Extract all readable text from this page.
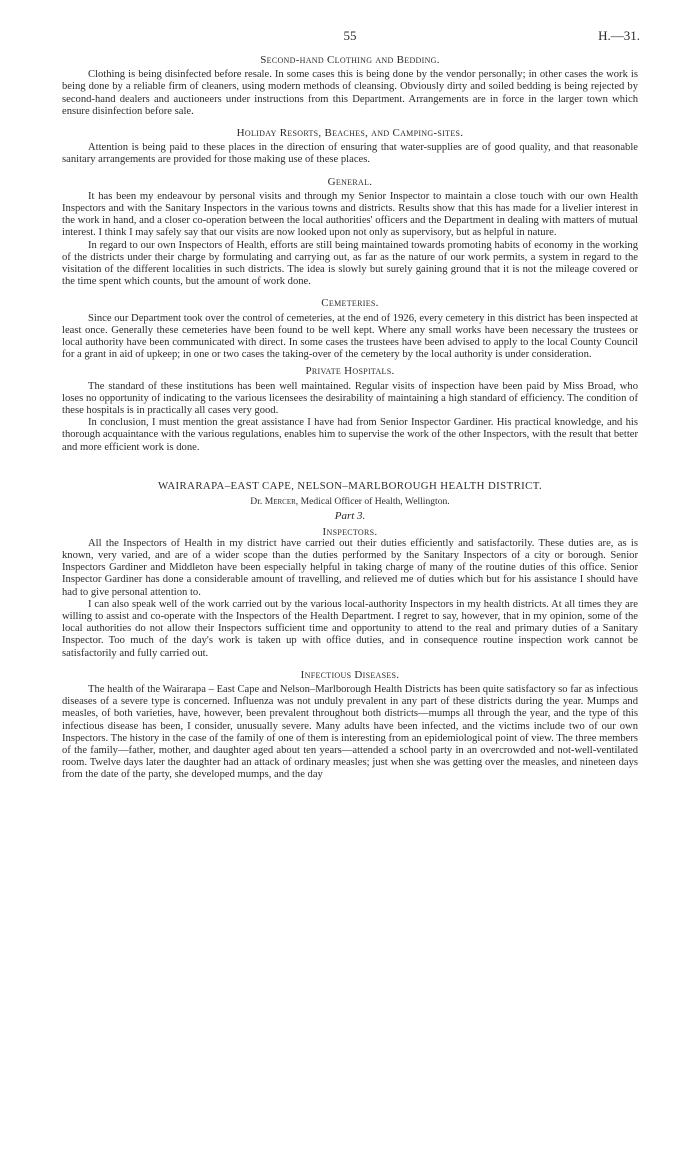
55	H.—31.
Second-hand Clothing and Bedding.

Clothing is being disinfected before resale. In some cases this is being done by the vendor personally; in other cases the work is being done by a reliable firm of cleaners, using modern methods of cleansing. Obviously dirty and soiled bedding is being rejected by second-hand dealers and auctioneers under instructions from this Department. Arrangements are in force in the larger town which ensure disinfection before sale.

Holiday Resorts, Beaches, and Camping-sites.

Attention is being paid to these places in the direction of ensuring that water-supplies are of good quality, and that reasonable sanitary arrangements are provided for those making use of these places.

General.

It has been my endeavour by personal visits and through my Senior Inspector to maintain a close touch with our own Health Inspectors and with the Sanitary Inspectors in the various towns and districts. Results show that this has made for a livelier interest in the work in hand, and a closer co-operation between the local authorities' officers and the Department in dealing with matters of mutual interest. I think I may safely say that our visits are now looked upon not only as supervisory, but as helpful in nature.

In regard to our own Inspectors of Health, efforts are still being maintained towards promoting habits of economy in the working of the districts under their charge by formulating and carrying out, as far as the nature of our work permits, a system in regard to the visitation of the different localities in such districts. The idea is slowly but surely gaining ground that it is not the mileage covered or the time spent which counts, but the amount of work done.

Cemeteries.

Since our Department took over the control of cemeteries, at the end of 1926, every cemetery in this district has been inspected at least once. Generally these cemeteries have been found to be well kept. Where any small works have been necessary the trustees or local authority have been communicated with direct. In some cases the trustees have been advised to apply to the local County Council for a grant in aid of upkeep; in one or two cases the taking-over of the cemetery by the local authority is under consideration.

Private Hospitals.

The standard of these institutions has been well maintained. Regular visits of inspection have been paid by Miss Broad, who loses no opportunity of indicating to the various licensees the desirability of maintaining a high standard of efficiency. The condition of these hospitals is in practically all cases very good.

In conclusion, I must mention the great assistance I have had from Senior Inspector Gardiner. His practical knowledge, and his thorough acquaintance with the various regulations, enables him to supervise the work of the other Inspectors, with the result that better and more efficient work is done.

WAIRARAPA–EAST CAPE, NELSON–MARLBOROUGH HEALTH DISTRICT.
Dr. Mercer, Medical Officer of Health, Wellington.
Part 3.
Inspectors.

All the Inspectors of Health in my district have carried out their duties efficiently and satisfactorily. These duties are, as is known, very varied, and are of a wider scope than the duties performed by the Sanitary Inspectors of a city or borough. Senior Inspectors Gardiner and Middleton have been especially helpful in taking charge of many of the routine duties of this office. Senior Inspector Gardiner has done a considerable amount of travelling, and relieved me of duties which but for his assistance I should have had to give personal attention to.

I can also speak well of the work carried out by the various local-authority Inspectors in my health districts. At all times they are willing to assist and co-operate with the Inspectors of the Health Department. I regret to say, however, that in my opinion, some of the local authorities do not allow their Inspectors sufficient time and opportunity to attend to the real and primary duties of a Sanitary Inspector. Too much of the day's work is taken up with office duties, and in consequence routine inspection work cannot be satisfactorily and fully carried out.

Infectious Diseases.

The health of the Wairarapa – East Cape and Nelson–Marlborough Health Districts has been quite satisfactory so far as infectious diseases of a severe type is concerned. Influenza was not unduly prevalent in any part of these districts during the year. Mumps and measles, of both varieties, have, however, been prevalent throughout both districts—mumps all through the year, and the type of this infectious disease has been, I consider, unusually severe. Many adults have been infected, and the victims include two of our own Inspectors. The history in the case of the family of one of them is interesting from an epidemiological point of view. The three members of the family—father, mother, and daughter aged about ten years—attended a school party in an overcrowded and not-well-ventilated room. Twelve days later the daughter had an attack of ordinary measles; just when she was getting over the measles, and nineteen days from the date of the party, she developed mumps, and the day
